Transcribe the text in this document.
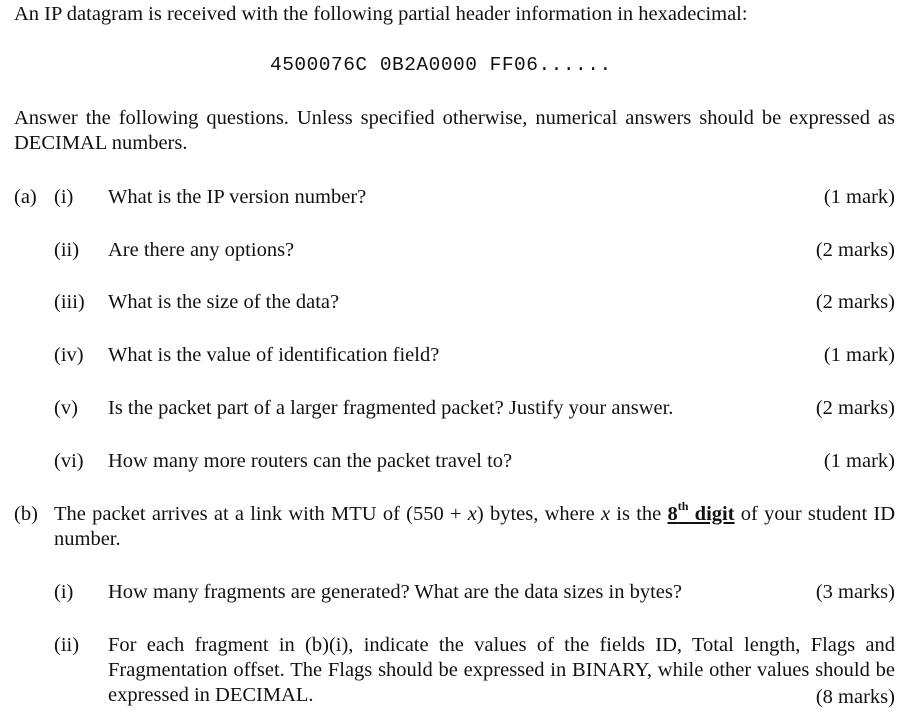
An IP datagram is received with the following partial header information in hexadecimal:
4500076C 0B2A0000 FF06......
Answer the following questions. Unless specified otherwise, numerical answers should be expressed as DECIMAL numbers.
(a) (i) What is the IP version number?	(1 mark)
(ii) Are there any options?	(2 marks)
(iii) What is the size of the data?	(2 marks)
(iv) What is the value of identification field?	(1 mark)
(v) Is the packet part of a larger fragmented packet? Justify your answer.	(2 marks)
(vi) How many more routers can the packet travel to?	(1 mark)
(b) The packet arrives at a link with MTU of (550 + x) bytes, where x is the 8th digit of your student ID number.
(i) How many fragments are generated? What are the data sizes in bytes?	(3 marks)
(ii) For each fragment in (b)(i), indicate the values of the fields ID, Total length, Flags and Fragmentation offset. The Flags should be expressed in BINARY, while other values should be expressed in DECIMAL.	(8 marks)
